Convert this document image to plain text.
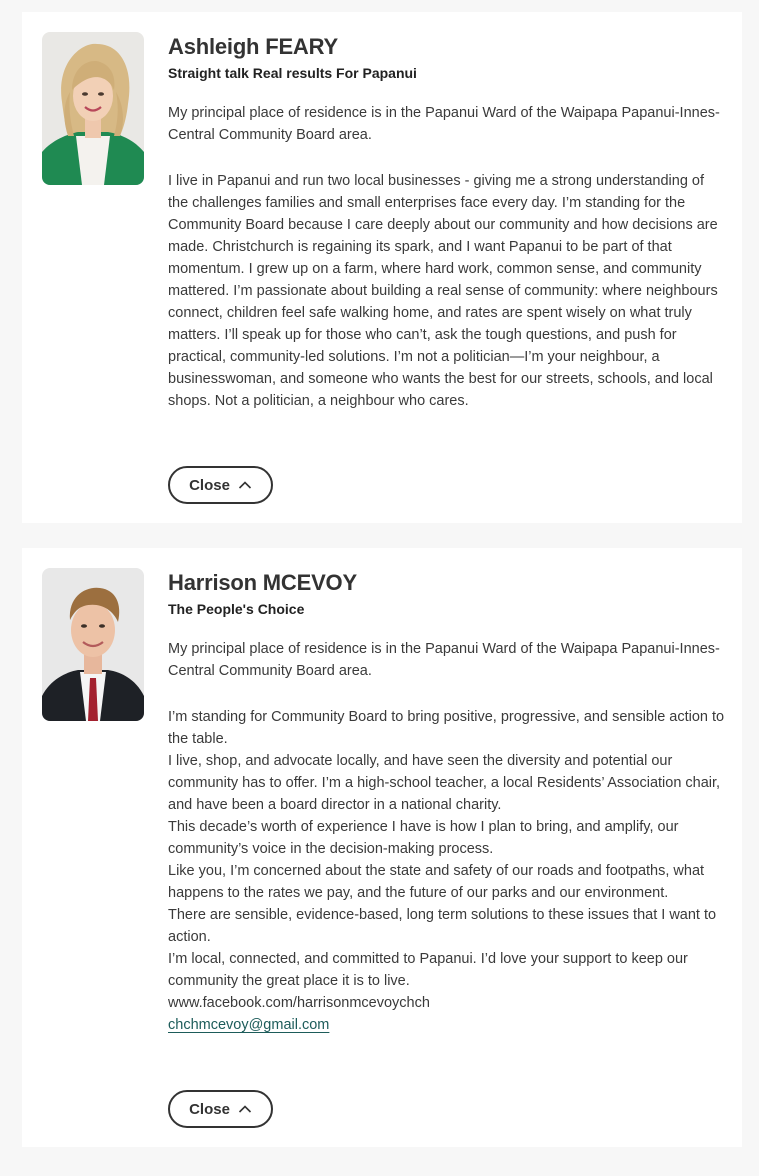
Ashleigh FEARY

Straight talk Real results For Papanui

My principal place of residence is in the Papanui Ward of the Waipapa Papanui-Innes-Central Community Board area.

I live in Papanui and run two local businesses - giving me a strong understanding of the challenges families and small enterprises face every day. I’m standing for the Community Board because I care deeply about our community and how decisions are made. Christchurch is regaining its spark, and I want Papanui to be part of that momentum. I grew up on a farm, where hard work, common sense, and community mattered. I’m passionate about building a real sense of community: where neighbours connect, children feel safe walking home, and rates are spent wisely on what truly matters. I’ll speak up for those who can’t, ask the tough questions, and push for practical, community-led solutions. I’m not a politician—I’m your neighbour, a businesswoman, and someone who wants the best for our streets, schools, and local shops. Not a politician, a neighbour who cares.

Close
Harrison MCEVOY

The People's Choice

My principal place of residence is in the Papanui Ward of the Waipapa Papanui-Innes-Central Community Board area.

I’m standing for Community Board to bring positive, progressive, and sensible action to the table.
I live, shop, and advocate locally, and have seen the diversity and potential our community has to offer. I’m a high-school teacher, a local Residents’ Association chair, and have been a board director in a national charity.
This decade’s worth of experience I have is how I plan to bring, and amplify, our community’s voice in the decision-making process.
Like you, I’m concerned about the state and safety of our roads and footpaths, what happens to the rates we pay, and the future of our parks and our environment.
There are sensible, evidence-based, long term solutions to these issues that I want to action.
I’m local, connected, and committed to Papanui. I’d love your support to keep our community the great place it is to live.
www.facebook.com/harrisonmcevoychch
chchmcevoy@gmail.com
Close
